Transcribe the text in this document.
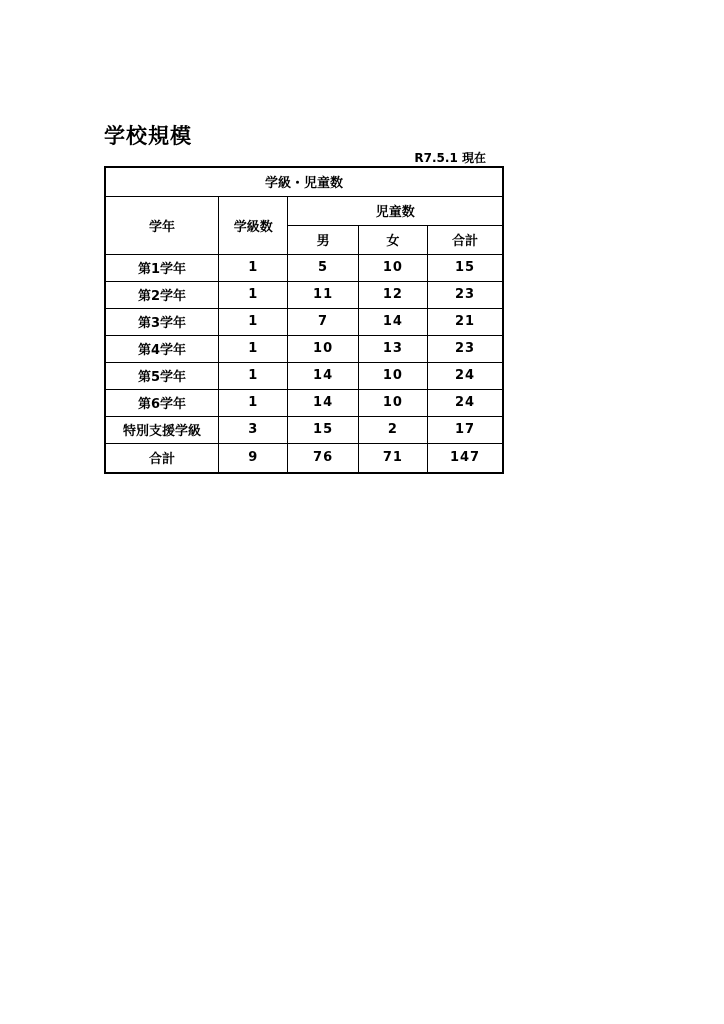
学校規模
R7.5.1 現在
学級・児童数				
学年	学級数	児童数		
		男	女	合計
第1学年	1	5	10	15
第2学年	1	11	12	23
第3学年	1	7	14	21
第4学年	1	10	13	23
第5学年	1	14	10	24
第6学年	1	14	10	24
特別支援学級	3	15	2	17
合計	9	76	71	147
